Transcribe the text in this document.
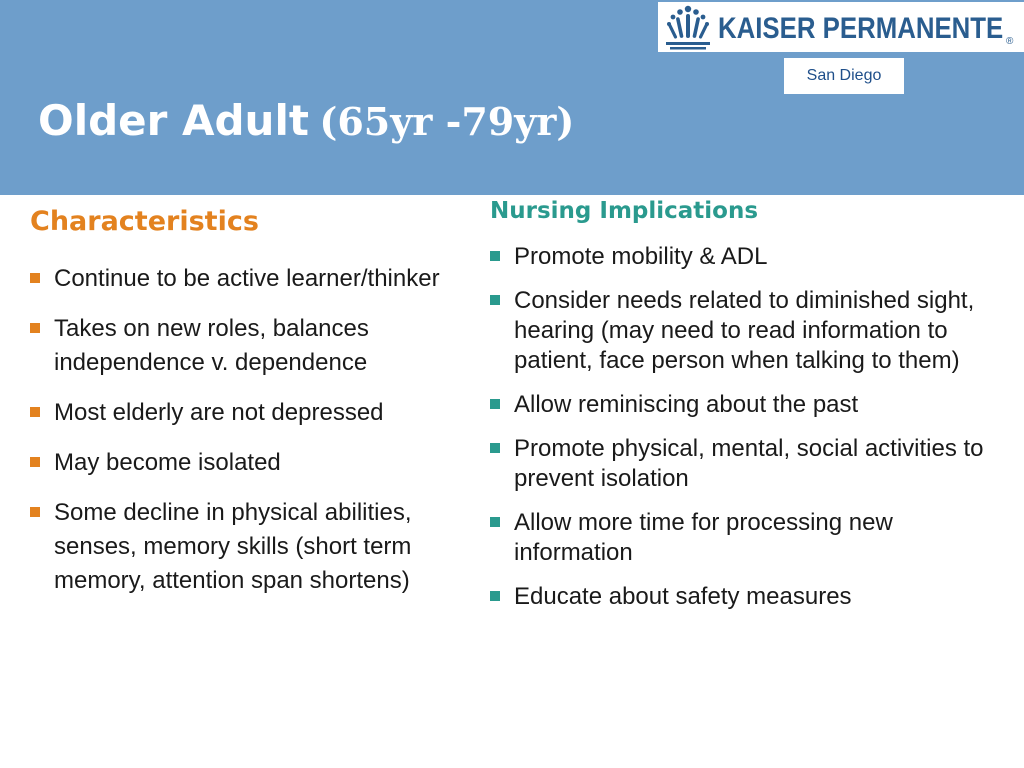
Older Adult (65yr -79yr)
KAISER PERMANENTE ®
San Diego
Characteristics
Continue to be active learner/thinker
Takes on new roles, balances independence v. dependence
Most elderly are not depressed
May become isolated
Some decline in physical abilities, senses, memory skills (short term memory, attention span shortens)
Nursing Implications
Promote mobility & ADL
Consider needs related to diminished sight, hearing (may need to read information to patient, face person when talking to them)
Allow reminiscing about the past
Promote physical, mental, social activities to prevent isolation
Allow more time for processing new information
Educate about safety measures
